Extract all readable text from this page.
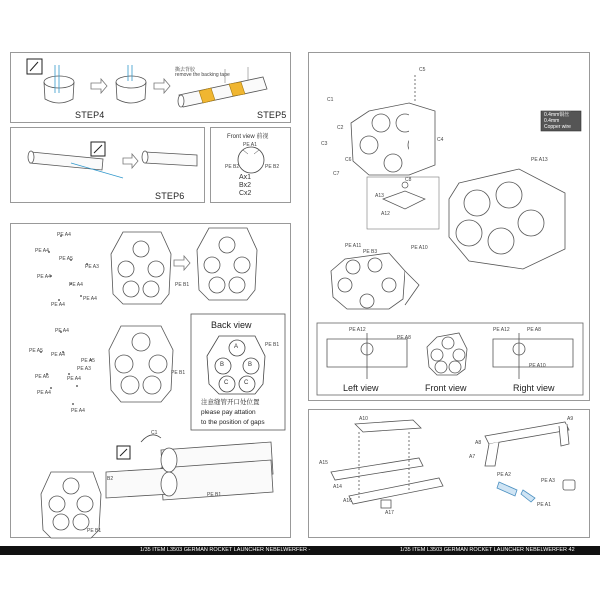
撕去背胶
remove the backing tape
STEP4	STEP5
STEP6
Front view 前视
PE A1
PE B2	PE B2
Ax1
Bx2
Cx2
PE A4
PE A4
PE A5
PE A3
PE A4
PE A4
PE A4
PE A4
PE B1
PE A4
PE A5
PE A4
PE A5
PE A3
PE A6	PE A4
PE A4
PE A4
PE B1
Back view
A
B	B
C	C
PE B1
注意缝管开口处位置
please pay attation
to the position of gaps
C1
B2
PE B1
PE B1
C5
C1
C2
C3
C6
C4
C7
A13
A12
C8
PE A11	PE A10
PE B3
PE A13
0.4mm铜丝
0.4mm
Copper wire
PE A12
PE A8
PE A12	PE A8
PE A10
Left view	Front view	Right view
A10
A15
A16
A14
A17
A7
A8
PE A2
PE A3
PE A1
A9
1/35 ITEM L3503 GERMAN ROCKET LAUNCHER NEBELWERFER -	1/35 ITEM L3503 GERMAN ROCKET LAUNCHER NEBELWERFER 42
